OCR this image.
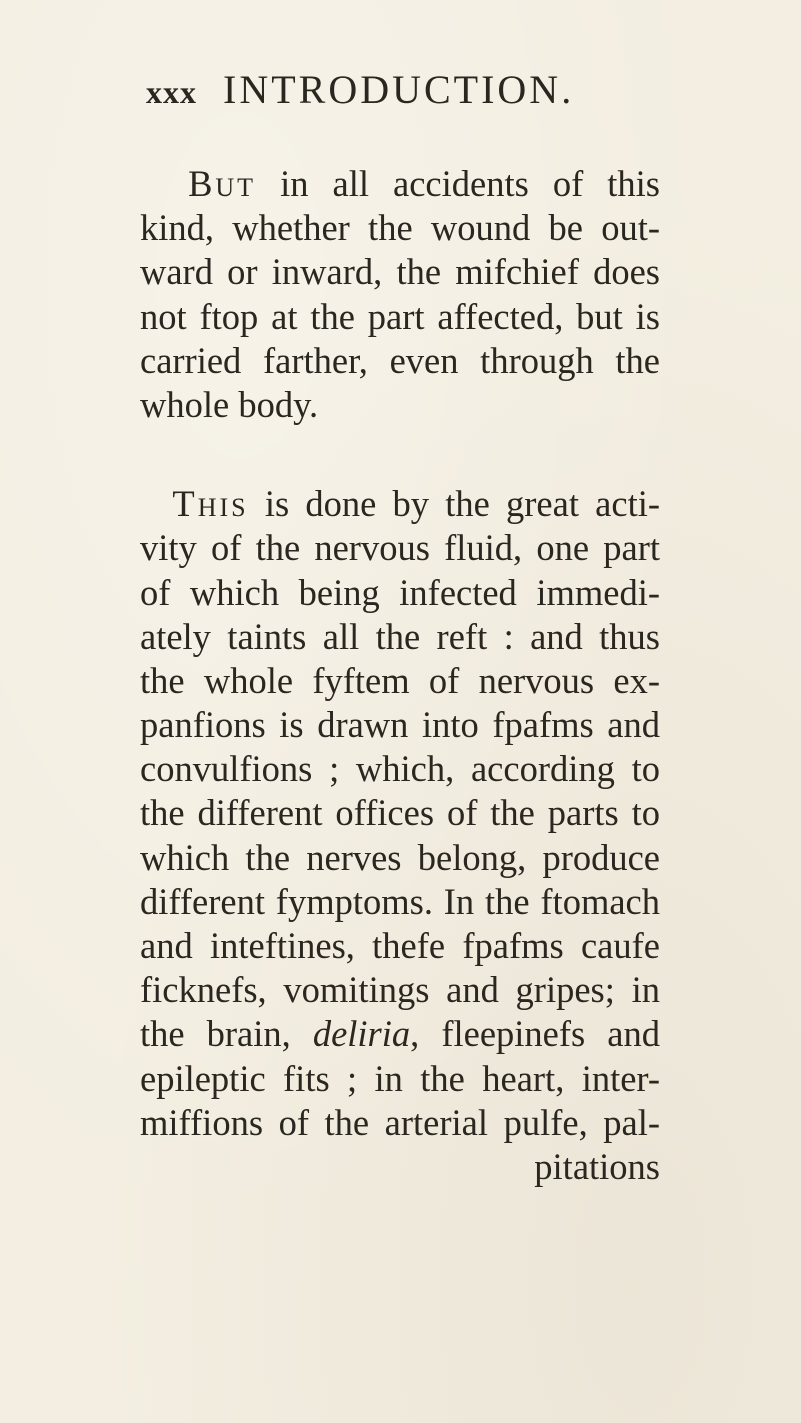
xxx INTRODUCTION.
But in all accidents of this
kind, whether the wound be out-
ward or inward, the mifchief does
not ftop at the part affected, but is
carried farther, even through the
whole body.
This is done by the great acti-
vity of the nervous fluid, one part
of which being infected immedi-
ately taints all the reft : and thus
the whole fyftem of nervous ex-
panfions is drawn into fpafms and
convulfions ; which, according to
the different offices of the parts to
which the nerves belong, produce
different fymptoms. In the ftomach
and inteftines, thefe fpafms caufe
ficknefs, vomitings and gripes; in
the brain, deliria, fleepinefs and
epileptic fits ; in the heart, inter-
miffions of the arterial pulfe, pal-
pitations
